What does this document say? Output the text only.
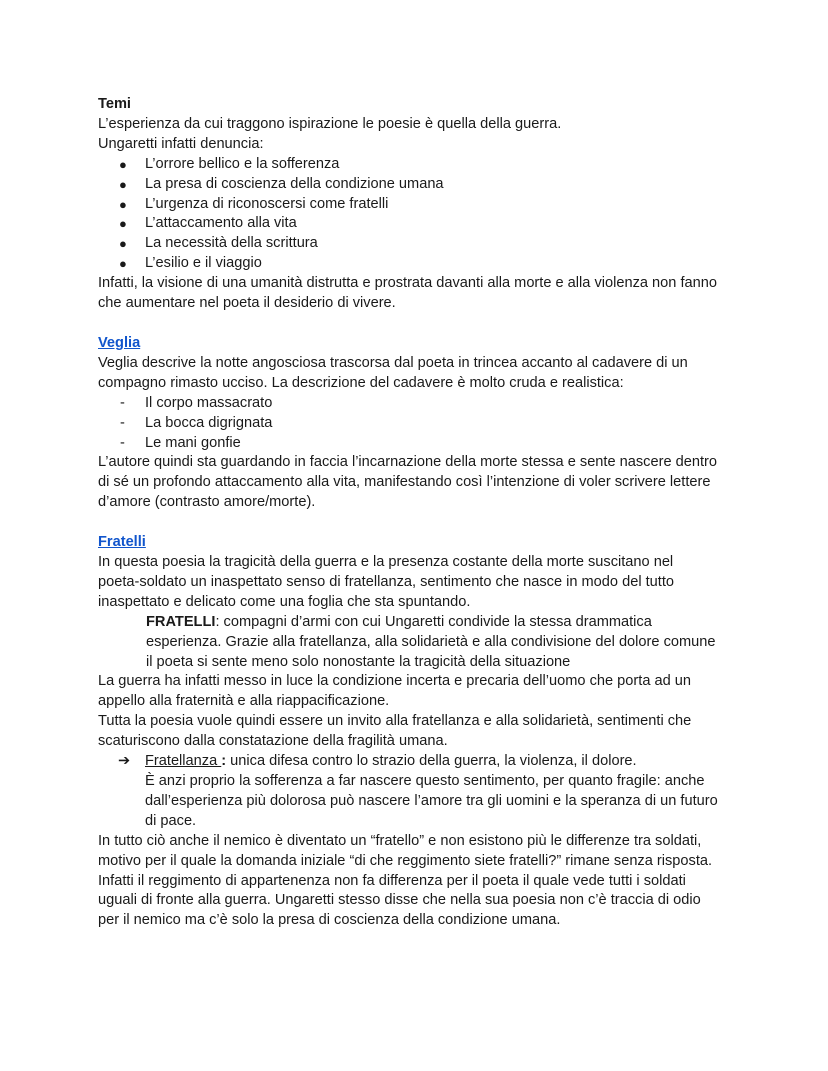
Temi

L’esperienza da cui traggono ispirazione le poesie è quella della guerra.

Ungaretti infatti denuncia:

● L’orrore bellico e la sofferenza
● La presa di coscienza della condizione umana
● L’urgenza di riconoscersi come fratelli
● L’attaccamento alla vita
● La necessità della scrittura
● L’esilio e il viaggio

Infatti, la visione di una umanità distrutta e prostrata davanti alla morte e alla violenza non fanno

che aumentare nel poeta il desiderio di vivere.

Veglia

Veglia descrive la notte angosciosa trascorsa dal poeta in trincea accanto al cadavere di un

compagno rimasto ucciso. La descrizione del cadavere è molto cruda e realistica:

- Il corpo massacrato
- La bocca digrignata
- Le mani gonfie

L’autore quindi sta guardando in faccia l’incarnazione della morte stessa e sente nascere dentro

di sé un profondo attaccamento alla vita, manifestando così l’intenzione di voler scrivere lettere

d’amore (contrasto amore/morte).

Fratelli

In questa poesia la tragicità della guerra e la presenza costante della morte suscitano nel

poeta-soldato un inaspettato senso di fratellanza, sentimento che nasce in modo del tutto

inaspettato e delicato come una foglia che sta spuntando.

FRATELLI: compagni d’armi con cui Ungaretti condivide la stessa drammatica

esperienza. Grazie alla fratellanza, alla solidarietà e alla condivisione del dolore comune

il poeta si sente meno solo nonostante la tragicità della situazione

La guerra ha infatti messo in luce la condizione incerta e precaria dell’uomo che porta ad un

appello alla fraternità e alla riappacificazione.

Tutta la poesia vuole quindi essere un invito alla fratellanza e alla solidarietà, sentimenti che

scaturiscono dalla constatazione della fragilità umana.

➔ Fratellanza : unica difesa contro lo strazio della guerra, la violenza, il dolore.
È anzi proprio la sofferenza a far nascere questo sentimento, per quanto fragile: anche
dall’esperienza più dolorosa può nascere l’amore tra gli uomini e la speranza di un futuro
di pace.

In tutto ciò anche il nemico è diventato un “fratello” e non esistono più le differenze tra soldati,

motivo per il quale la domanda iniziale “di che reggimento siete fratelli?” rimane senza risposta.

Infatti il reggimento di appartenenza non fa differenza per il poeta il quale vede tutti i soldati

uguali di fronte alla guerra. Ungaretti stesso disse che nella sua poesia non c’è traccia di odio

per il nemico ma c’è solo la presa di coscienza della condizione umana.
